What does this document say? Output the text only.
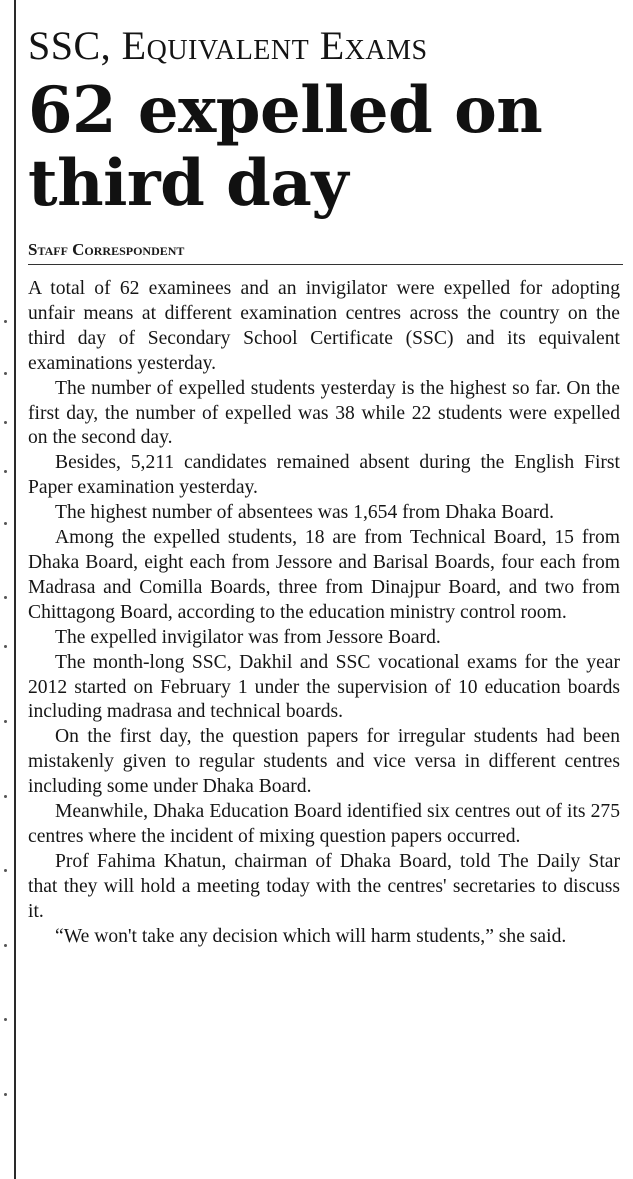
SSC, Equivalent Exams
62 expelled on third day
Staff Correspondent

A total of 62 examinees and an invigilator were expelled for adopting unfair means at different examination centres across the country on the third day of Secondary School Certificate (SSC) and its equivalent examinations yesterday.

The number of expelled students yesterday is the highest so far. On the first day, the number of expelled was 38 while 22 students were expelled on the second day.

Besides, 5,211 candidates remained absent during the English First Paper examination yesterday.

The highest number of absentees was 1,654 from Dhaka Board.

Among the expelled students, 18 are from Technical Board, 15 from Dhaka Board, eight each from Jessore and Barisal Boards, four each from Madrasa and Comilla Boards, three from Dinajpur Board, and two from Chittagong Board, according to the education ministry control room.

The expelled invigilator was from Jessore Board.

The month-long SSC, Dakhil and SSC vocational exams for the year 2012 started on February 1 under the supervision of 10 education boards including madrasa and technical boards.

On the first day, the question papers for irregular students had been mistakenly given to regular students and vice versa in different centres including some under Dhaka Board.

Meanwhile, Dhaka Education Board identified six centres out of its 275 centres where the incident of mixing question papers occurred.

Prof Fahima Khatun, chairman of Dhaka Board, told The Daily Star that they will hold a meeting today with the centres' secretaries to discuss it.

“We won't take any decision which will harm students,” she said.
